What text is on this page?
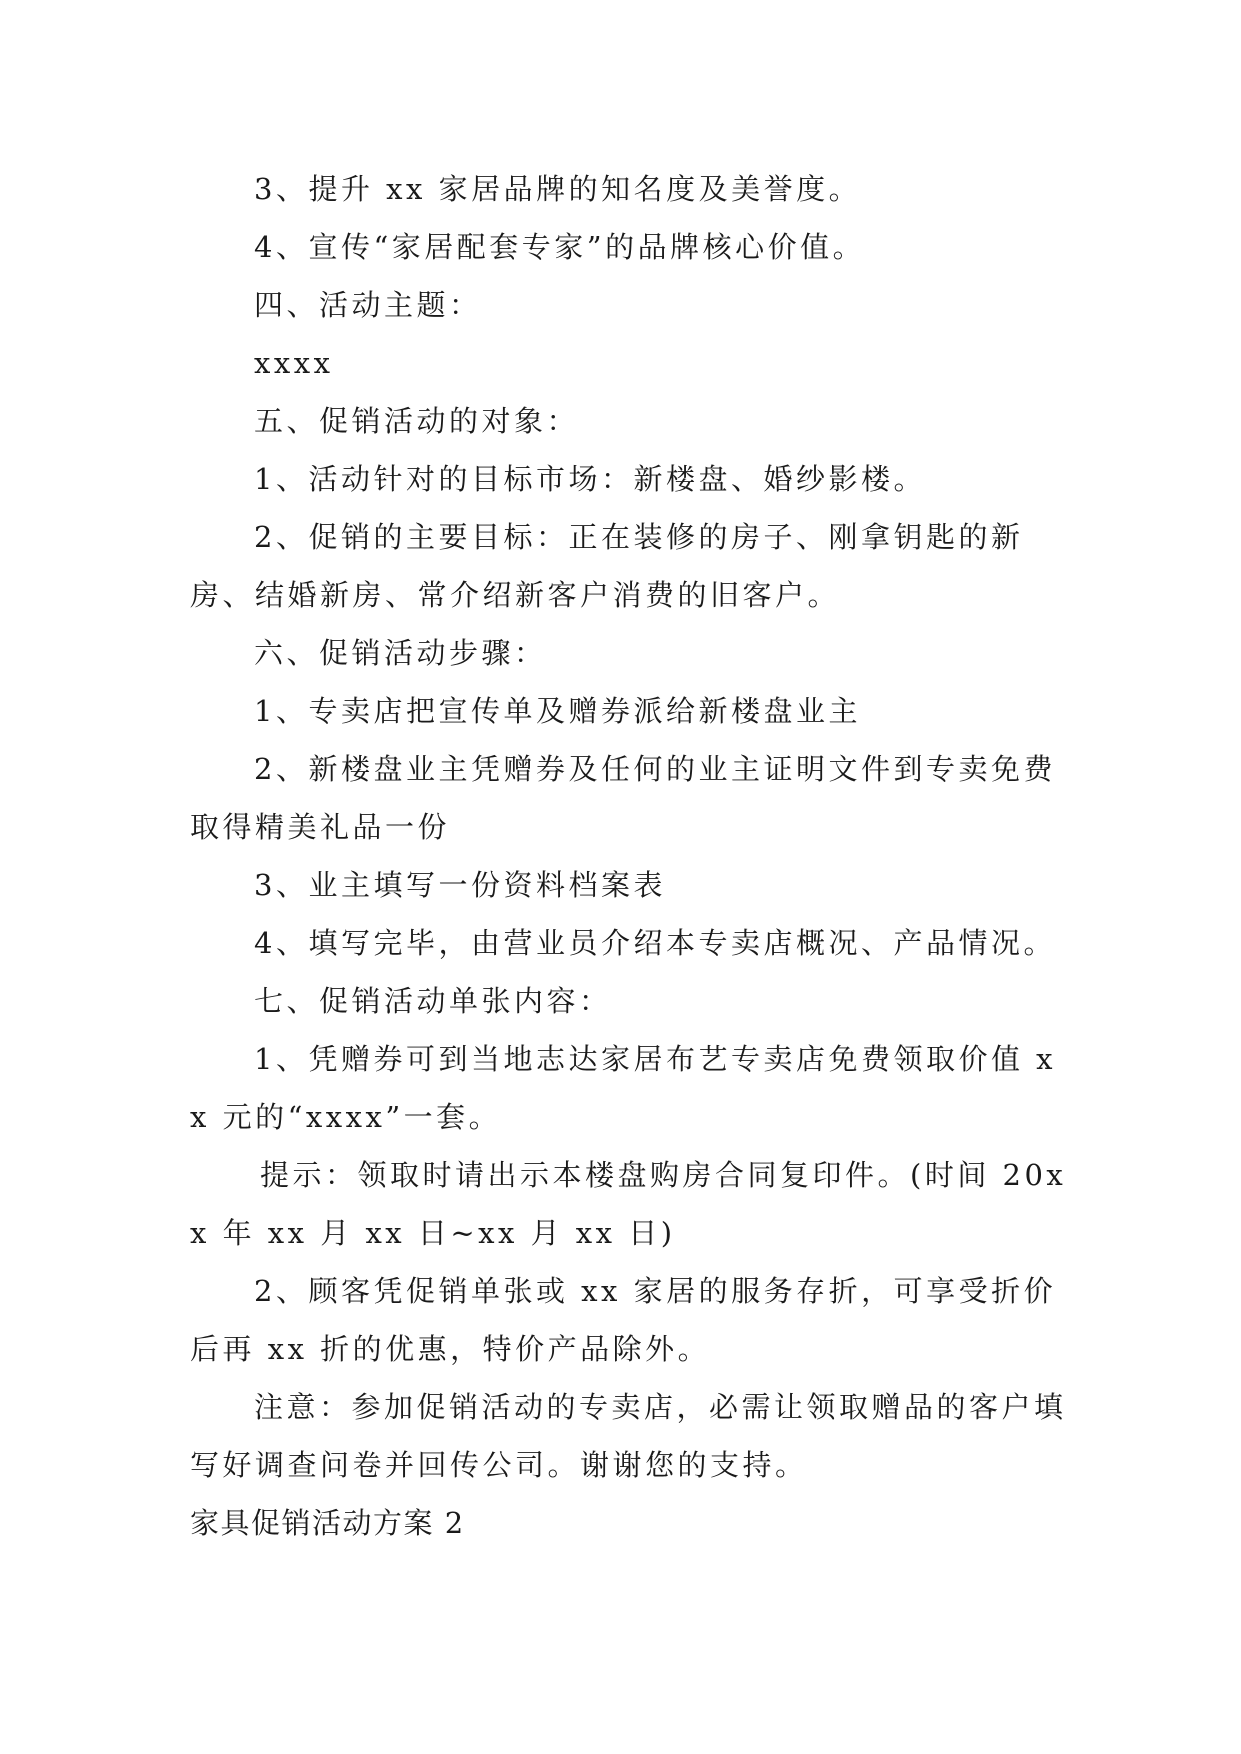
3、提升 xx 家居品牌的知名度及美誉度。

4、宣传“家居配套专家”的品牌核心价值。

四、活动主题：

xxxx

五、促销活动的对象：

1、活动针对的目标市场：新楼盘、婚纱影楼。

2、促销的主要目标：正在装修的房子、刚拿钥匙的新房、结婚新房、常介绍新客户消费的旧客户。

六、促销活动步骤：

1、专卖店把宣传单及赠券派给新楼盘业主

2、新楼盘业主凭赠券及任何的业主证明文件到专卖免费取得精美礼品一份

3、业主填写一份资料档案表

4、填写完毕，由营业员介绍本专卖店概况、产品情况。

七、促销活动单张内容：

1、凭赠券可到当地志达家居布艺专卖店免费领取价值 xx 元的“xxxx”一套。

提示：领取时请出示本楼盘购房合同复印件。(时间 20xx 年 xx 月 xx 日~xx 月 xx 日)

2、顾客凭促销单张或 xx 家居的服务存折，可享受折价后再 xx 折的优惠，特价产品除外。

注意：参加促销活动的专卖店，必需让领取赠品的客户填写好调查问卷并回传公司。谢谢您的支持。

家具促销活动方案 2
